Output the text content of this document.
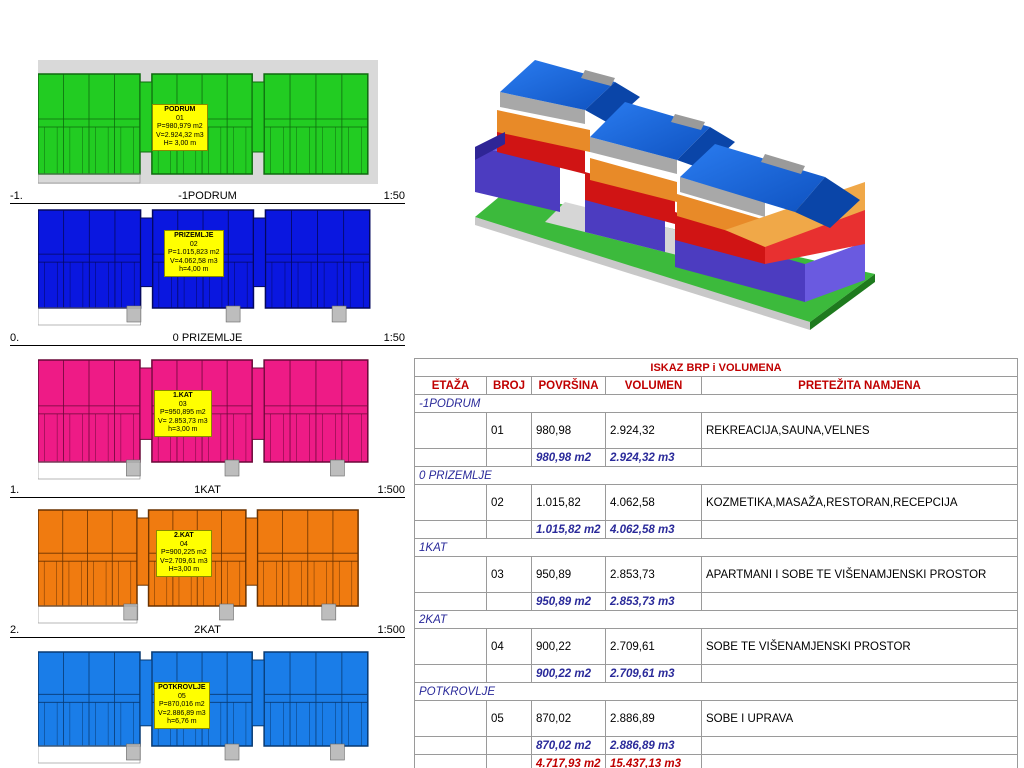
PODRUM
01
P=980,979 m2
V=2.924,32 m3
H= 3,00 m
-1.	-1PODRUM	1:50
PRIZEMLJE
02
P=1.015,823 m2
V=4.062,58 m3
h=4,00 m
0.	0 PRIZEMLJE	1:50
1.KAT
03
P=950,895 m2
V= 2.853,73 m3
h=3,00 m
1.	1KAT	1:500
2.KAT
04
P=900,225 m2
V=2.709,61 m3
H=3,00 m
2.	2KAT	1:500
POTKROVLJE
05
P=870,016 m2
V=2.886,89 m3
h=6,76 m
ISKAZ BRP i VOLUMENA				
ETAŽA	BROJ	POVRŠINA	VOLUMEN	PRETEŽITA NAMJENA
-1PODRUM				
	01	980,98	2.924,32	REKREACIJA,SAUNA,VELNES
		980,98 m2	2.924,32 m3	
0 PRIZEMLJE				
	02	1.015,82	4.062,58	KOZMETIKA,MASAŽA,RESTORAN,RECEPCIJA
		1.015,82 m2	4.062,58 m3	
1KAT				
	03	950,89	2.853,73	APARTMANI I SOBE TE VIŠENAMJENSKI PROSTOR
		950,89 m2	2.853,73 m3	
2KAT				
	04	900,22	2.709,61	SOBE TE VIŠENAMJENSKI PROSTOR
		900,22 m2	2.709,61 m3	
POTKROVLJE				
	05	870,02	2.886,89	SOBE I UPRAVA
		870,02 m2	2.886,89 m3	
		4.717,93 m2	15.437,13 m3	
